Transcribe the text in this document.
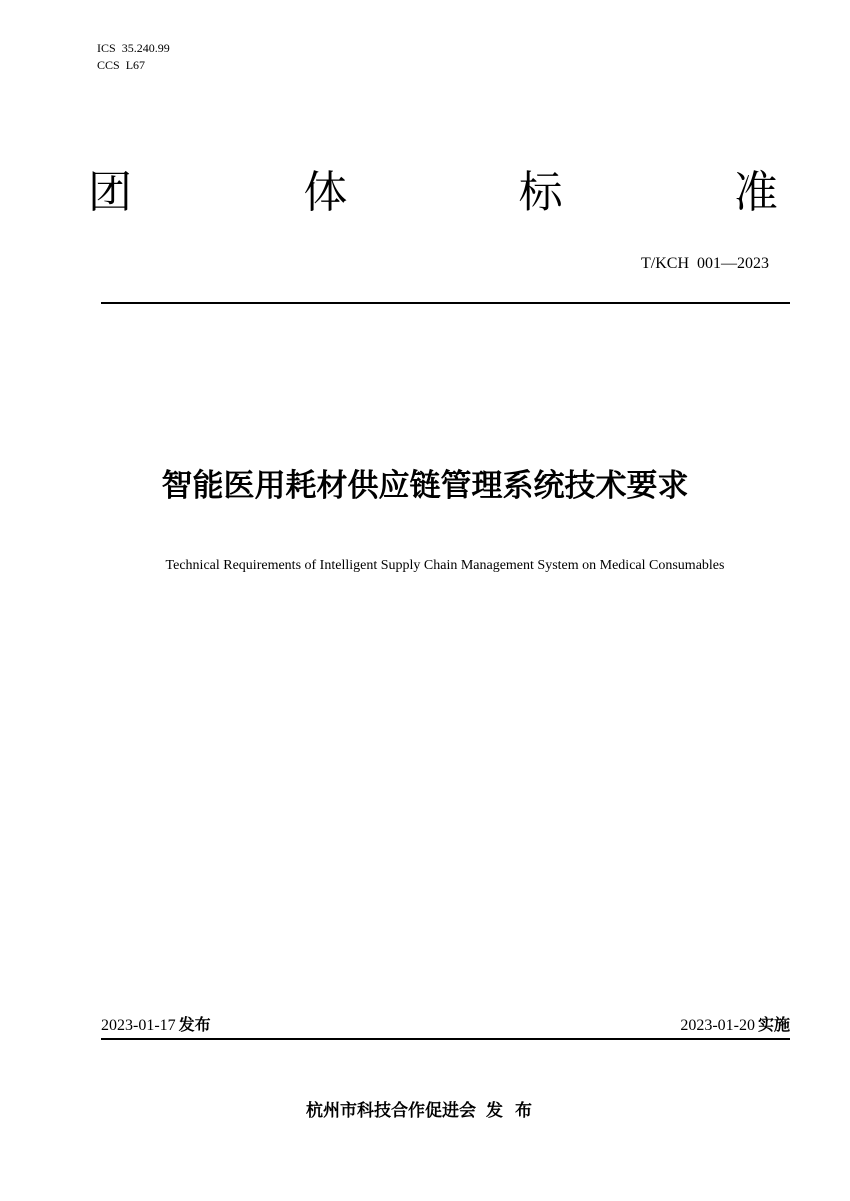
ICS 35.240.99
CCS L67
团	体	标	准
T/KCH  001—2023
智能医用耗材供应链管理系统技术要求
Technical Requirements of Intelligent Supply Chain Management System on Medical Consumables
2023-01-17 发布	2023-01-20 实施
杭州市科技合作促进会 发布
